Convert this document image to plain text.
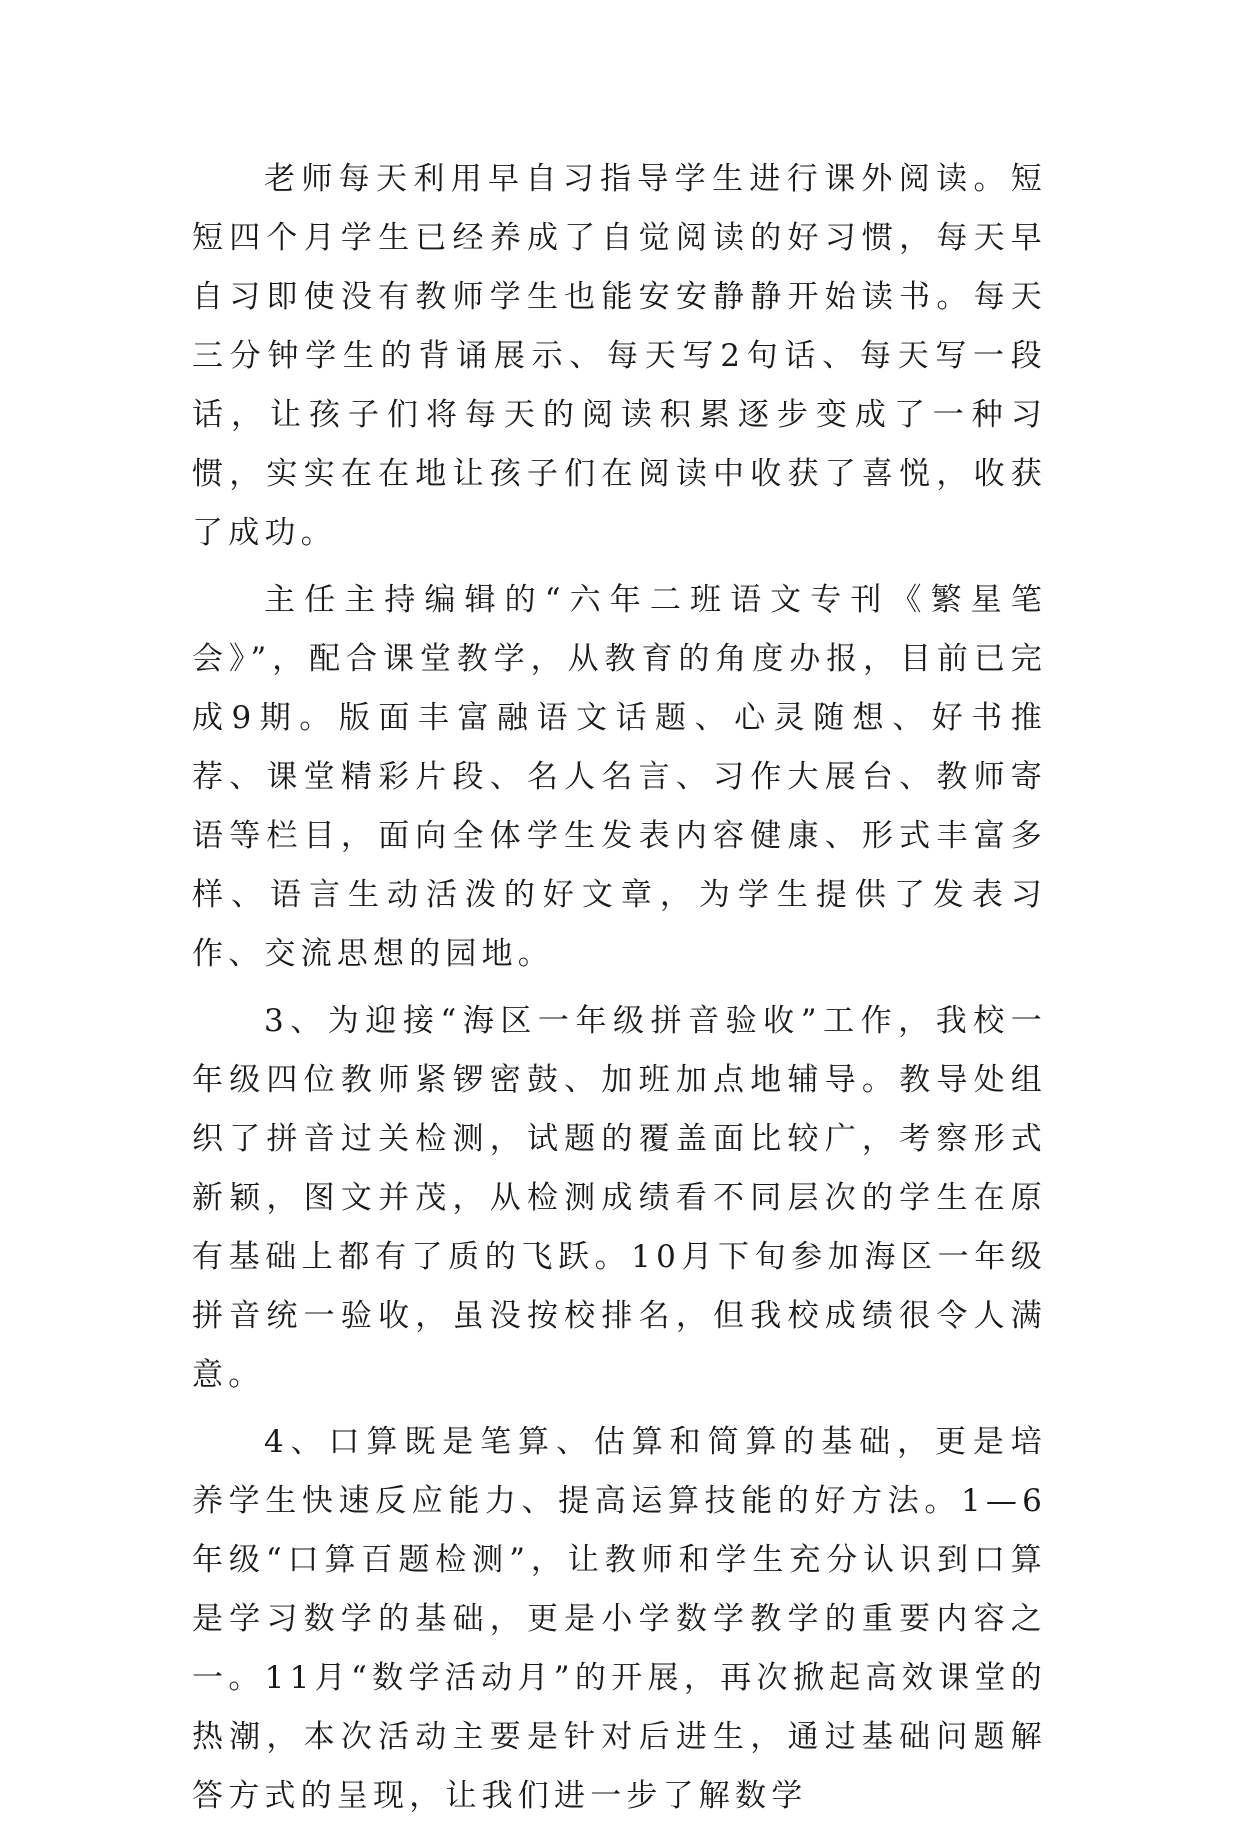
老师每天利用早自习指导学生进行课外阅读。短短四个月学生已经养成了自觉阅读的好习惯，每天早自习即使没有教师学生也能安安静静开始读书。每天三分钟学生的背诵展示、每天写2句话、每天写一段话，让孩子们将每天的阅读积累逐步变成了一种习惯，实实在在地让孩子们在阅读中收获了喜悦，收获了成功。

主任主持编辑的“六年二班语文专刊《繁星笔会》”，配合课堂教学，从教育的角度办报，目前已完成9期。版面丰富融语文话题、心灵随想、好书推荐、课堂精彩片段、名人名言、习作大展台、教师寄语等栏目，面向全体学生发表内容健康、形式丰富多样、语言生动活泼的好文章，为学生提供了发表习作、交流思想的园地。

3、为迎接“海区一年级拼音验收”工作，我校一年级四位教师紧锣密鼓、加班加点地辅导。教导处组织了拼音过关检测，试题的覆盖面比较广，考察形式新颖，图文并茂，从检测成绩看不同层次的学生在原有基础上都有了质的飞跃。10月下旬参加海区一年级拼音统一验收，虽没按校排名，但我校成绩很令人满意。

4、口算既是笔算、估算和简算的基础，更是培养学生快速反应能力、提高运算技能的好方法。1—6年级“口算百题检测”，让教师和学生充分认识到口算是学习数学的基础，更是小学数学教学的重要内容之一。11月“数学活动月”的开展，再次掀起高效课堂的热潮，本次活动主要是针对后进生，通过基础问题解答方式的呈现，让我们进一步了解数学
